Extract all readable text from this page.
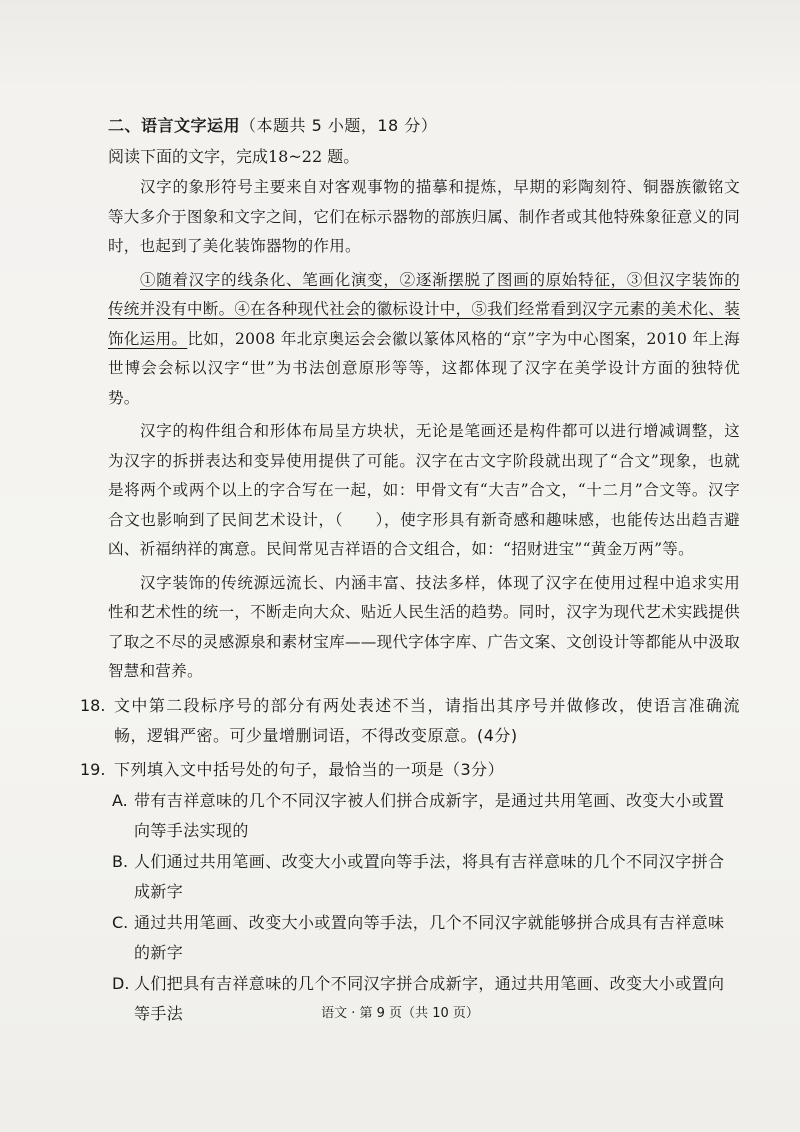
二、语言文字运用（本题共 5 小题，18 分）
阅读下面的文字，完成18~22 题。

汉字的象形符号主要来自对客观事物的描摹和提炼，早期的彩陶刻符、铜器族徽铭文等大多介于图象和文字之间，它们在标示器物的部族归属、制作者或其他特殊象征意义的同时，也起到了美化装饰器物的作用。

①随着汉字的线条化、笔画化演变，②逐渐摆脱了图画的原始特征，③但汉字装饰的传统并没有中断。④在各种现代社会的徽标设计中，⑤我们经常看到汉字元素的美术化、装饰化运用。比如，2008 年北京奥运会会徽以篆体风格的“京”字为中心图案，2010 年上海世博会会标以汉字“世”为书法创意原形等等，这都体现了汉字在美学设计方面的独特优势。

汉字的构件组合和形体布局呈方块状，无论是笔画还是构件都可以进行增减调整，这为汉字的拆拼表达和变异使用提供了可能。汉字在古文字阶段就出现了“合文”现象，也就是将两个或两个以上的字合写在一起，如：甲骨文有“大吉”合文，“十二月”合文等。汉字合文也影响到了民间艺术设计，（　　），使字形具有新奇感和趣味感，也能传达出趋吉避凶、祈福纳祥的寓意。民间常见吉祥语的合文组合，如：“招财进宝”“黄金万两”等。

汉字装饰的传统源远流长、内涵丰富、技法多样，体现了汉字在使用过程中追求实用性和艺术性的统一，不断走向大众、贴近人民生活的趋势。同时，汉字为现代艺术实践提供了取之不尽的灵感源泉和素材宝库——现代字体字库、广告文案、文创设计等都能从中汲取智慧和营养。

18. 文中第二段标序号的部分有两处表述不当，请指出其序号并做修改，使语言准确流畅，逻辑严密。可少量增删词语，不得改变原意。(4分)
19. 下列填入文中括号处的句子，最恰当的一项是（3分）
A. 带有吉祥意味的几个不同汉字被人们拼合成新字，是通过共用笔画、改变大小或置向等手法实现的
B. 人们通过共用笔画、改变大小或置向等手法，将具有吉祥意味的几个不同汉字拼合成新字
C. 通过共用笔画、改变大小或置向等手法，几个不同汉字就能够拼合成具有吉祥意味的新字
D. 人们把具有吉祥意味的几个不同汉字拼合成新字，通过共用笔画、改变大小或置向等手法	语文 · 第 9 页（共 10 页）
